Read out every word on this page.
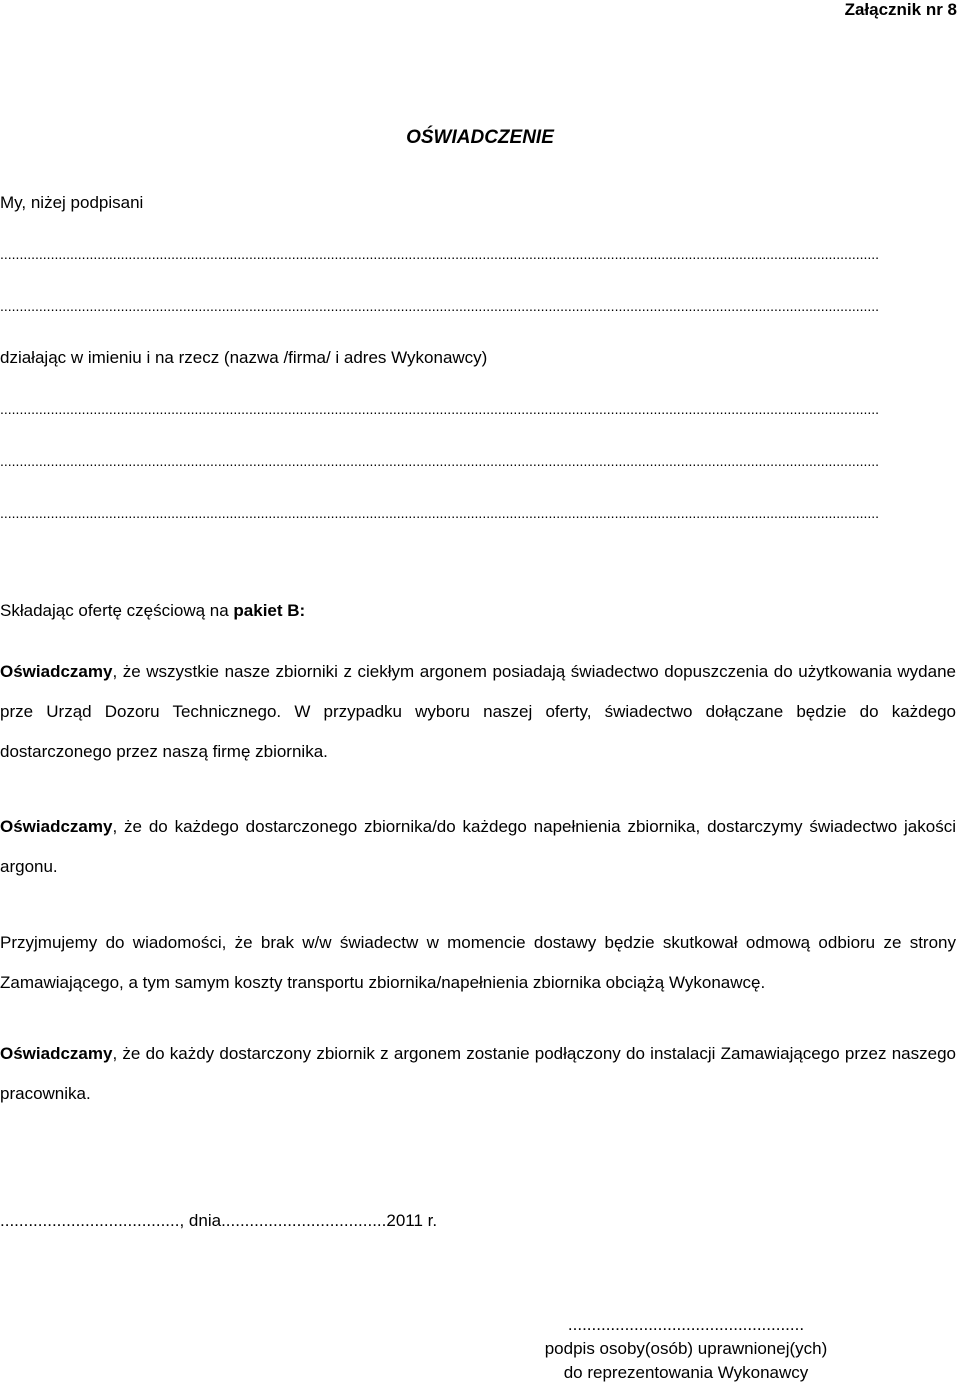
Załącznik nr 8
OŚWIADCZENIE
My, niżej podpisani
..................................................................................................................................................................................................................................
..................................................................................................................................................................................................................................
działając w imieniu i na rzecz (nazwa /firma/ i adres Wykonawcy)
..................................................................................................................................................................................................................................
..................................................................................................................................................................................................................................
..................................................................................................................................................................................................................................
Składając ofertę częściową na pakiet B:
Oświadczamy, że wszystkie nasze zbiorniki z ciekłym argonem posiadają świadectwo dopuszczenia do użytkowania wydane prze Urząd Dozoru Technicznego. W przypadku wyboru naszej oferty, świadectwo dołączane będzie do każdego dostarczonego przez naszą firmę zbiornika.
Oświadczamy, że do każdego dostarczonego zbiornika/do każdego napełnienia zbiornika, dostarczymy świadectwo jakości argonu.
Przyjmujemy do wiadomości, że brak w/w świadectw w momencie dostawy będzie skutkował odmową odbioru ze strony Zamawiającego, a tym samym koszty transportu zbiornika/napełnienia zbiornika obciążą Wykonawcę.
Oświadczamy, że do każdy dostarczony zbiornik z argonem zostanie podłączony do instalacji Zamawiającego przez naszego pracownika.
......................................, dnia...................................2011 r.
..................................................
podpis osoby(osób) uprawnionej(ych)
do reprezentowania Wykonawcy
